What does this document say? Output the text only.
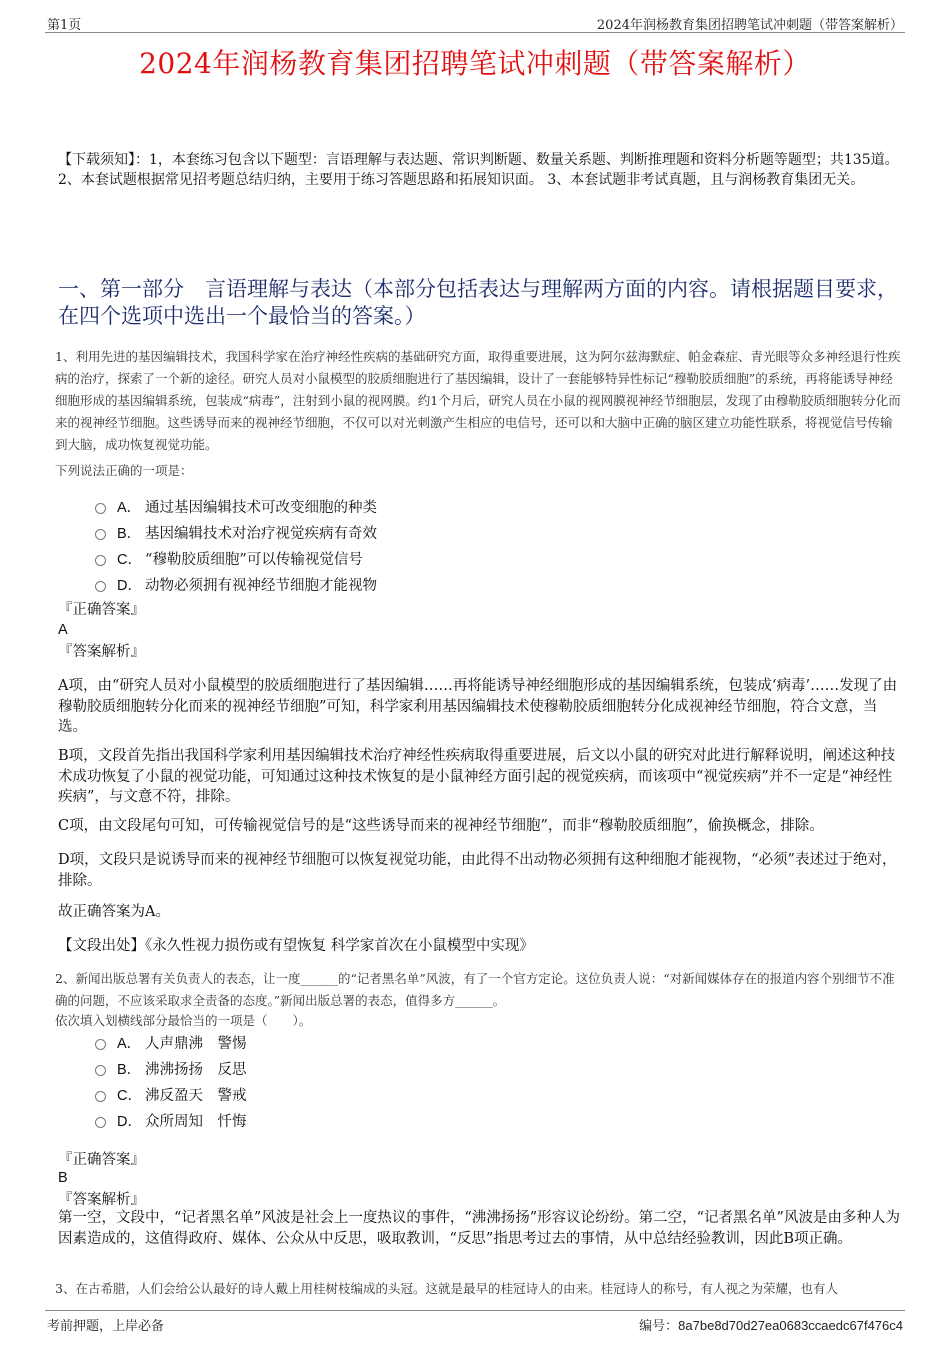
第1页	2024年润杨教育集团招聘笔试冲刺题（带答案解析）
2024年润杨教育集团招聘笔试冲刺题（带答案解析）
【下载须知】：1，本套练习包含以下题型：言语理解与表达题、常识判断题、数量关系题、判断推理题和资料分析题等题型；共135道。 2、本套试题根据常见招考题总结归纳，主要用于练习答题思路和拓展知识面。 3、本套试题非考试真题，且与润杨教育集团无关。
一、第一部分　言语理解与表达（本部分包括表达与理解两方面的内容。请根据题目要求，在四个选项中选出一个最恰当的答案。）
1、利用先进的基因编辑技术，我国科学家在治疗神经性疾病的基础研究方面，取得重要进展，这为阿尔兹海默症、帕金森症、青光眼等众多神经退行性疾病的治疗，探索了一个新的途径。研究人员对小鼠模型的胶质细胞进行了基因编辑，设计了一套能够特异性标记“穆勒胶质细胞”的系统，再将能诱导神经细胞形成的基因编辑系统，包装成“病毒”，注射到小鼠的视网膜。约1个月后，研究人员在小鼠的视网膜视神经节细胞层，发现了由穆勒胶质细胞转分化而来的视神经节细胞。这些诱导而来的视神经节细胞，不仅可以对光刺激产生相应的电信号，还可以和大脑中正确的脑区建立功能性联系，将视觉信号传输到大脑，成功恢复视觉功能。
下列说法正确的一项是：
A． 通过基因编辑技术可改变细胞的种类
B． 基因编辑技术对治疗视觉疾病有奇效
C． “穆勒胶质细胞”可以传输视觉信号
D． 动物必须拥有视神经节细胞才能视物
『正确答案』
A
『答案解析』
A项，由“研究人员对小鼠模型的胶质细胞进行了基因编辑……再将能诱导神经细胞形成的基因编辑系统，包装成‘病毒’……发现了由穆勒胶质细胞转分化而来的视神经节细胞”可知，科学家利用基因编辑技术使穆勒胶质细胞转分化成视神经节细胞，符合文意，当选。
B项，文段首先指出我国科学家利用基因编辑技术治疗神经性疾病取得重要进展，后文以小鼠的研究对此进行解释说明，阐述这种技术成功恢复了小鼠的视觉功能，可知通过这种技术恢复的是小鼠神经方面引起的视觉疾病，而该项中“视觉疾病”并不一定是“神经性疾病”，与文意不符，排除。
C项，由文段尾句可知，可传输视觉信号的是“这些诱导而来的视神经节细胞”，而非“穆勒胶质细胞”，偷换概念，排除。
D项，文段只是说诱导而来的视神经节细胞可以恢复视觉功能，由此得不出动物必须拥有这种细胞才能视物，“必须”表述过于绝对，排除。
故正确答案为A。
【文段出处】《永久性视力损伤或有望恢复 科学家首次在小鼠模型中实现》
2、新闻出版总署有关负责人的表态，让一度______的“记者黑名单”风波，有了一个官方定论。这位负责人说：“对新闻媒体存在的报道内容个别细节不准确的问题，不应该采取求全责备的态度。”新闻出版总署的表态，值得多方______。
依次填入划横线部分最恰当的一项是（　　）。
A． 人声鼎沸　警惕
B． 沸沸扬扬　反思
C． 沸反盈天　警戒
D． 众所周知　忏悔
『正确答案』
B
『答案解析』
第一空，文段中，“记者黑名单”风波是社会上一度热议的事件，“沸沸扬扬”形容议论纷纷。第二空，“记者黑名单”风波是由多种人为因素造成的，这值得政府、媒体、公众从中反思，吸取教训，“反思”指思考过去的事情，从中总结经验教训，因此B项正确。
3、在古希腊，人们会给公认最好的诗人戴上用桂树枝编成的头冠。这就是最早的桂冠诗人的由来。桂冠诗人的称号，有人视之为荣耀，也有人
考前押题，上岸必备	编号：8a7be8d70d27ea0683ccaedc67f476c4
